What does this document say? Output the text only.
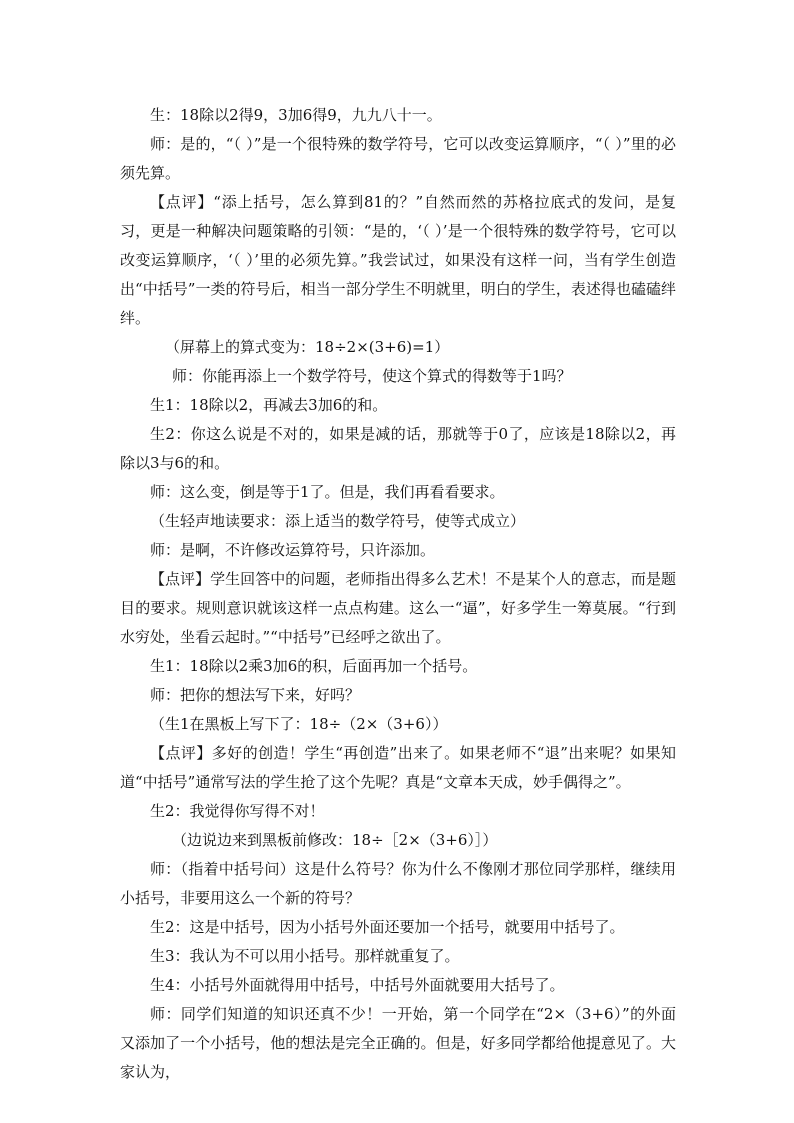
生：18除以2得9，3加6得9，九九八十一。

师：是的，“（ ）”是一个很特殊的数学符号，它可以改变运算顺序，“（ ）”里的必须先算。

【点评】“添上括号，怎么算到81的？”自然而然的苏格拉底式的发问，是复习，更是一种解决问题策略的引领：“是的，‘（ ）’是一个很特殊的数学符号，它可以改变运算顺序，‘（ ）’里的必须先算。”我尝试过，如果没有这样一问，当有学生创造出“中括号”一类的符号后，相当一部分学生不明就里，明白的学生，表述得也磕磕绊绊。

（屏幕上的算式变为：18÷2×(3+6)=1）

师：你能再添上一个数学符号，使这个算式的得数等于1吗？

生1：18除以2，再减去3加6的和。

生2：你这么说是不对的，如果是减的话，那就等于0了，应该是18除以2，再除以3与6的和。

师：这么变，倒是等于1了。但是，我们再看看要求。

（生轻声地读要求：添上适当的数学符号，使等式成立）

师：是啊，不许修改运算符号，只许添加。

【点评】学生回答中的问题，老师指出得多么艺术！不是某个人的意志，而是题目的要求。规则意识就该这样一点点构建。这么一“逼”，好多学生一筹莫展。“行到水穷处，坐看云起时。”“中括号”已经呼之欲出了。

生1：18除以2乘3加6的积，后面再加一个括号。

师：把你的想法写下来，好吗？

（生1在黑板上写下了：18÷（2×（3+6））

【点评】多好的创造！学生“再创造”出来了。如果老师不“退”出来呢？如果知道“中括号”通常写法的学生抢了这个先呢？真是“文章本天成，妙手偶得之”。

生2：我觉得你写得不对！

（边说边来到黑板前修改：18÷［2×（3+6）］）

师：（指着中括号问）这是什么符号？你为什么不像刚才那位同学那样，继续用小括号，非要用这么一个新的符号？

生2：这是中括号，因为小括号外面还要加一个括号，就要用中括号了。

生3：我认为不可以用小括号。那样就重复了。

生4：小括号外面就得用中括号，中括号外面就要用大括号了。

师：同学们知道的知识还真不少！一开始，第一个同学在“2×（3+6）”的外面又添加了一个小括号，他的想法是完全正确的。但是，好多同学都给他提意见了。大家认为，
